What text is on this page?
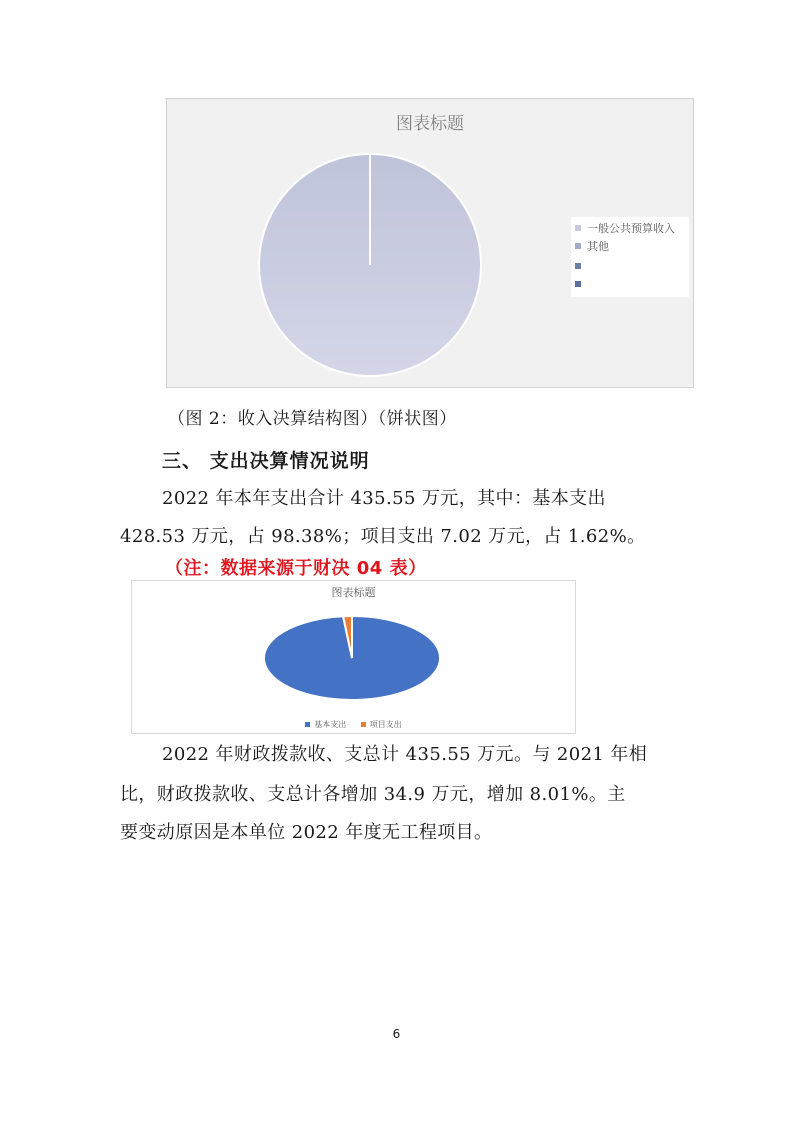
图表标题
一般公共预算收入
其他
（图 2：收入决算结构图）（饼状图）
三、 支出决算情况说明
2022 年本年支出合计 435.55 万元，其中：基本支出
428.53 万元，占 98.38%；项目支出 7.02 万元，占 1.62%。
（注：数据来源于财决 04 表）
图表标题
基本支出	项目支出
2022 年财政拨款收、支总计 435.55 万元。与 2021 年相
比，财政拨款收、支总计各增加 34.9 万元，增加 8.01%。主
要变动原因是本单位 2022 年度无工程项目。
6
